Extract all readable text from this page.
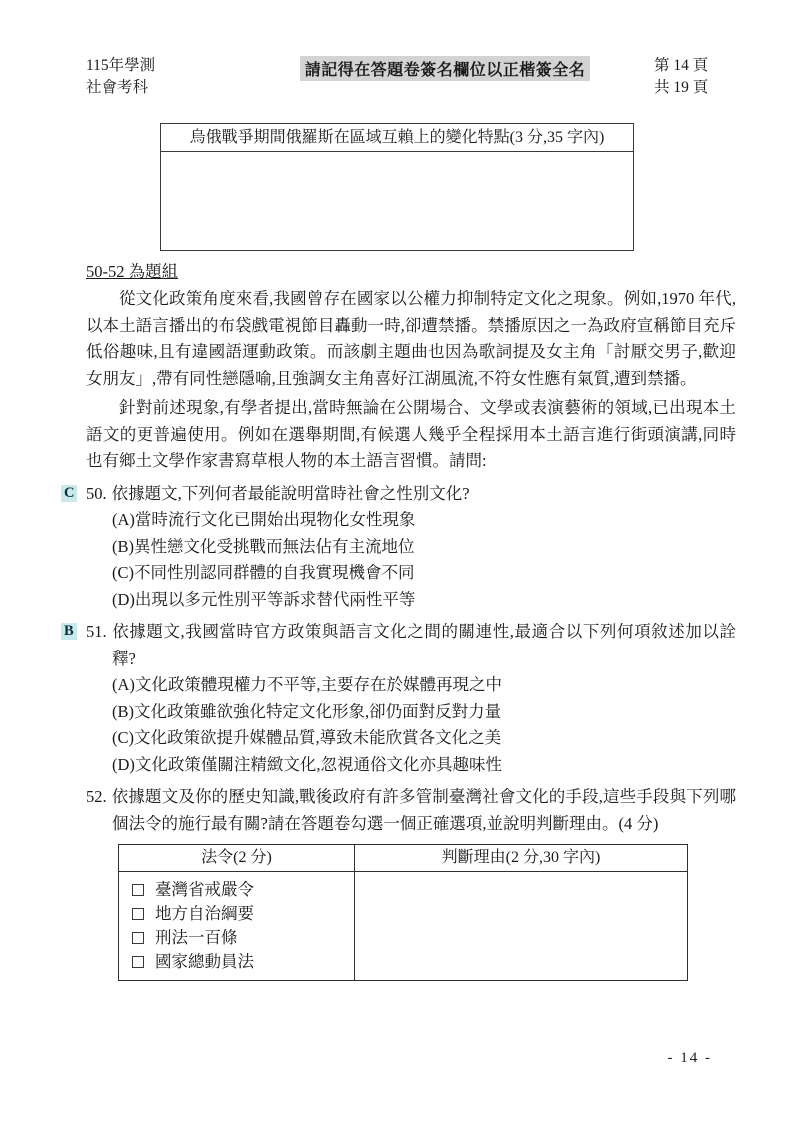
115年學測
社會考科
請記得在答題卷簽名欄位以正楷簽全名	第 14 頁
共 19 頁
烏俄戰爭期間俄羅斯在區域互賴上的變化特點(3 分,35 字內)
50-52 為題組

從文化政策角度來看,我國曾存在國家以公權力抑制特定文化之現象。例如,1970 年代,以本土語言播出的布袋戲電視節目轟動一時,卻遭禁播。禁播原因之一為政府宣稱節目充斥低俗趣味,且有違國語運動政策。而該劇主題曲也因為歌詞提及女主角「討厭交男子,歡迎女朋友」,帶有同性戀隱喻,且強調女主角喜好江湖風流,不符女性應有氣質,遭到禁播。

針對前述現象,有學者提出,當時無論在公開場合、文學或表演藝術的領域,已出現本土語文的更普遍使用。例如在選舉期間,有候選人幾乎全程採用本土語言進行街頭演講,同時也有鄉土文學作家書寫草根人物的本土語言習慣。請問:

C 50. 依據題文,下列何者最能說明當時社會之性別文化?
(A)當時流行文化已開始出現物化女性現象
(B)異性戀文化受挑戰而無法佔有主流地位
(C)不同性別認同群體的自我實現機會不同
(D)出現以多元性別平等訴求替代兩性平等
B 51. 依據題文,我國當時官方政策與語言文化之間的關連性,最適合以下列何項敘述加以詮釋?
(A)文化政策體現權力不平等,主要存在於媒體再現之中
(B)文化政策雖欲強化特定文化形象,卻仍面對反對力量
(C)文化政策欲提升媒體品質,導致未能欣賞各文化之美
(D)文化政策僅關注精緻文化,忽視通俗文化亦具趣味性
52. 依據題文及你的歷史知識,戰後政府有許多管制臺灣社會文化的手段,這些手段與下列哪個法令的施行最有關?請在答題卷勾選一個正確選項,並說明判斷理由。(4 分)
法令(2 分)	判斷理由(2 分,30 字內)
臺灣省戒嚴令
地方自治綱要
刑法一百條
國家總動員法
- 14 -
